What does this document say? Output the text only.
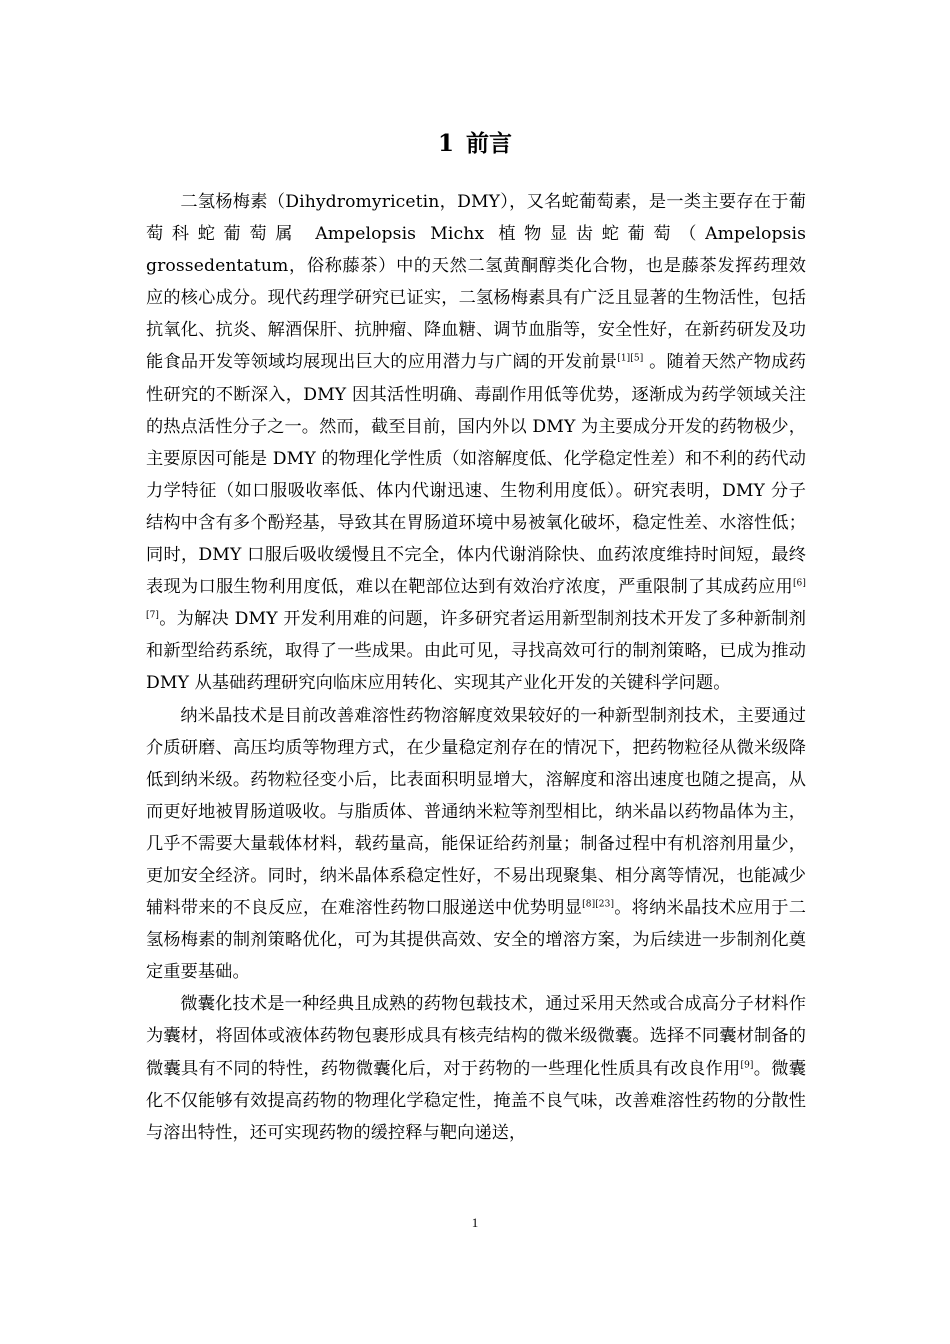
1 前言

二氢杨梅素（Dihydromyricetin，DMY），又名蛇葡萄素，是一类主要存在于葡萄科蛇葡萄属 Ampelopsis Michx 植物显齿蛇葡萄（Ampelopsis grossedentatum，俗称藤茶）中的天然二氢黄酮醇类化合物，也是藤茶发挥药理效应的核心成分。现代药理学研究已证实，二氢杨梅素具有广泛且显著的生物活性，包括抗氧化、抗炎、解酒保肝、抗肿瘤、降血糖、调节血脂等，安全性好，在新药研发及功能食品开发等领域均展现出巨大的应用潜力与广阔的开发前景[1][5] 。随着天然产物成药性研究的不断深入，DMY 因其活性明确、毒副作用低等优势，逐渐成为药学领域关注的热点活性分子之一。然而，截至目前，国内外以 DMY 为主要成分开发的药物极少，主要原因可能是 DMY 的物理化学性质（如溶解度低、化学稳定性差）和不利的药代动力学特征（如口服吸收率低、体内代谢迅速、生物利用度低）。研究表明，DMY 分子结构中含有多个酚羟基，导致其在胃肠道环境中易被氧化破坏，稳定性差、水溶性低；同时，DMY 口服后吸收缓慢且不完全，体内代谢消除快、血药浓度维持时间短，最终表现为口服生物利用度低，难以在靶部位达到有效治疗浓度，严重限制了其成药应用[6][7]。为解决 DMY 开发利用难的问题，许多研究者运用新型制剂技术开发了多种新制剂和新型给药系统，取得了一些成果。由此可见，寻找高效可行的制剂策略，已成为推动 DMY 从基础药理研究向临床应用转化、实现其产业化开发的关键科学问题。

纳米晶技术是目前改善难溶性药物溶解度效果较好的一种新型制剂技术，主要通过介质研磨、高压均质等物理方式，在少量稳定剂存在的情况下，把药物粒径从微米级降低到纳米级。药物粒径变小后，比表面积明显增大，溶解度和溶出速度也随之提高，从而更好地被胃肠道吸收。与脂质体、普通纳米粒等剂型相比，纳米晶以药物晶体为主，几乎不需要大量载体材料，载药量高，能保证给药剂量；制备过程中有机溶剂用量少，更加安全经济。同时，纳米晶体系稳定性好，不易出现聚集、相分离等情况，也能减少辅料带来的不良反应，在难溶性药物口服递送中优势明显[8][23]。将纳米晶技术应用于二氢杨梅素的制剂策略优化，可为其提供高效、安全的增溶方案，为后续进一步制剂化奠定重要基础。

微囊化技术是一种经典且成熟的药物包载技术，通过采用天然或合成高分子材料作为囊材，将固体或液体药物包裹形成具有核壳结构的微米级微囊。选择不同囊材制备的微囊具有不同的特性，药物微囊化后，对于药物的一些理化性质具有改良作用[9]。微囊化不仅能够有效提高药物的物理化学稳定性，掩盖不良气味，改善难溶性药物的分散性与溶出特性，还可实现药物的缓控释与靶向递送，

1
